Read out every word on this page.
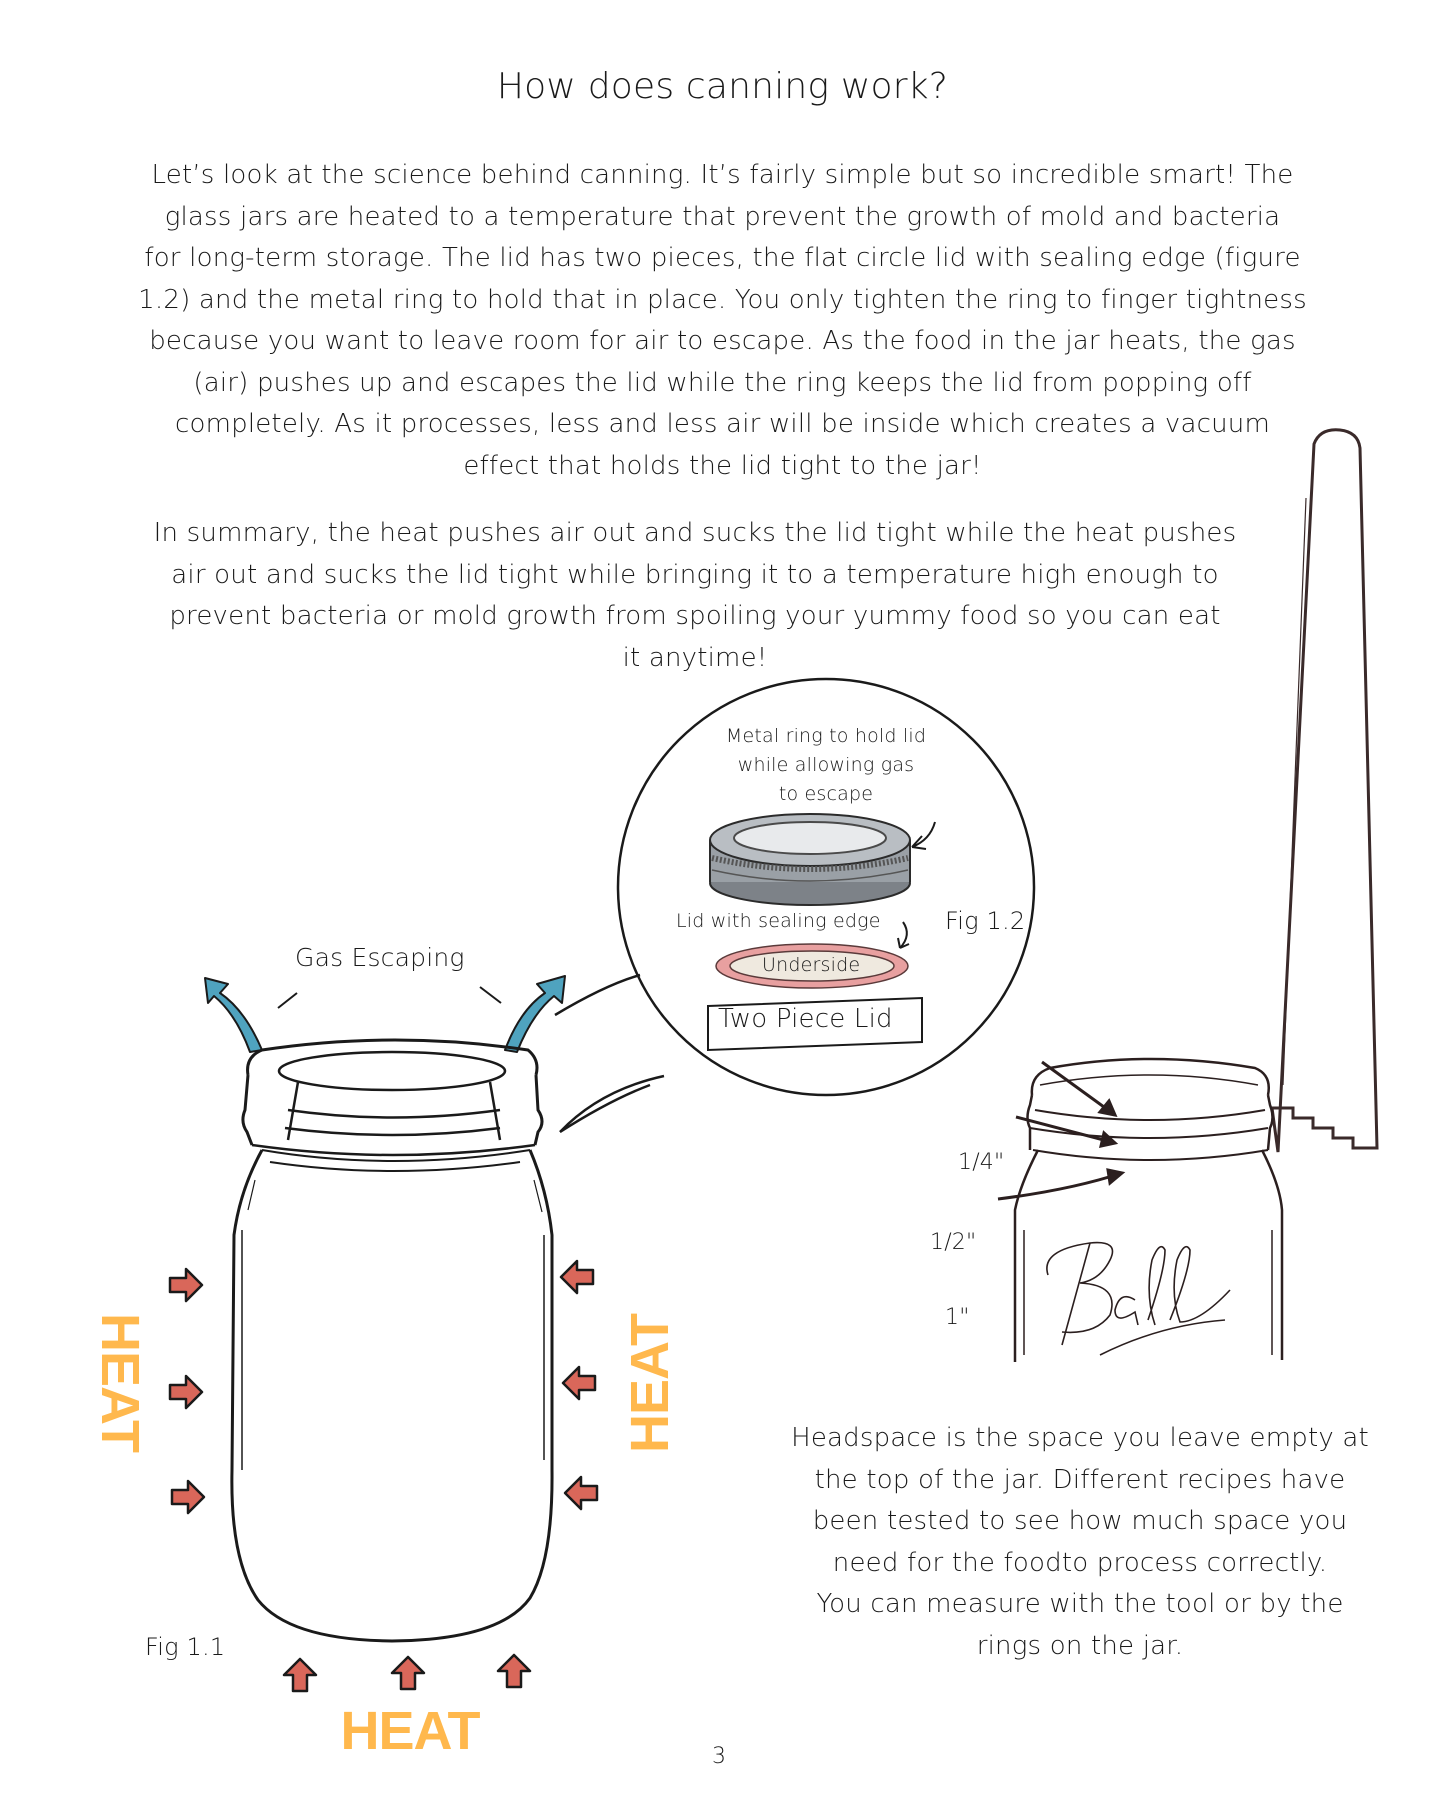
How does canning work?
Let’s look at the science behind canning. It’s fairly simple but so incredible smart! The
glass jars are heated to a temperature that prevent the growth of mold and bacteria
for long-term storage. The lid has two pieces, the flat circle lid with sealing edge (figure
1.2) and the metal ring to hold that in place. You only tighten the ring to finger tightness
because you want to leave room for air to escape. As the food in the jar heats, the gas
(air) pushes up and escapes the lid while the ring keeps the lid from popping off
completely. As it processes, less and less air will be inside which creates a vacuum
effect that holds the lid tight to the jar!
In summary, the heat pushes air out and sucks the lid tight while the heat pushes
air out and sucks the lid tight while bringing it to a temperature high enough to
prevent bacteria or mold growth from spoiling your yummy food so you can eat
it anytime!
Metal ring to hold lid
while allowing gas
to escape
Lid with sealing edge
Underside
Two Piece Lid
Fig 1.2
Gas Escaping
Fig 1.1
HEAT	HEAT
HEAT
1/4"
1/2"
1"
Headspace is the space you leave empty at
the top of the jar. Different recipes have
been tested to see how much space you
need for the foodto process correctly.
You can measure with the tool or by the
rings on the jar.
3
